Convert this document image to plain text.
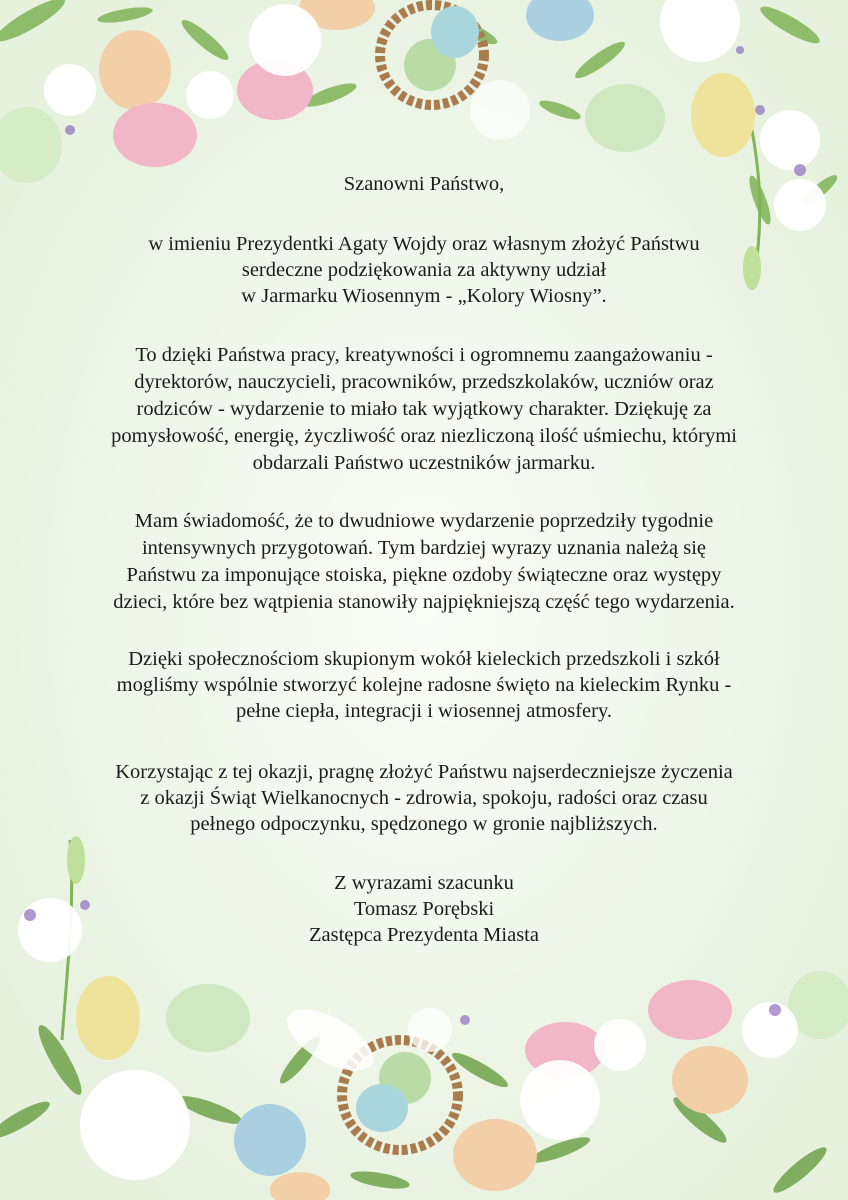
Szanowni Państwo,
w imieniu Prezydentki Agaty Wojdy oraz własnym złożyć Państwu
serdeczne podziękowania za aktywny udział
w Jarmarku Wiosennym - „Kolory Wiosny”.
To dzięki Państwa pracy, kreatywności i ogromnemu zaangażowaniu -
dyrektorów, nauczycieli, pracowników, przedszkolaków, uczniów oraz
rodziców - wydarzenie to miało tak wyjątkowy charakter. Dziękuję za
pomysłowość, energię, życzliwość oraz niezliczoną ilość uśmiechu, którymi
obdarzali Państwo uczestników jarmarku.
Mam świadomość, że to dwudniowe wydarzenie poprzedziły tygodnie
intensywnych przygotowań. Tym bardziej wyrazy uznania należą się
Państwu za imponujące stoiska, piękne ozdoby świąteczne oraz występy
dzieci, które bez wątpienia stanowiły najpiękniejszą część tego wydarzenia.
Dzięki społecznościom skupionym wokół kieleckich przedszkoli i szkół
mogliśmy wspólnie stworzyć kolejne radosne święto na kieleckim Rynku -
pełne ciepła, integracji i wiosennej atmosfery.
Korzystając z tej okazji, pragnę złożyć Państwu najserdeczniejsze życzenia
z okazji Świąt Wielkanocnych - zdrowia, spokoju, radości oraz czasu
pełnego odpoczynku, spędzonego w gronie najbliższych.
Z wyrazami szacunku
Tomasz Porębski
Zastępca Prezydenta Miasta
